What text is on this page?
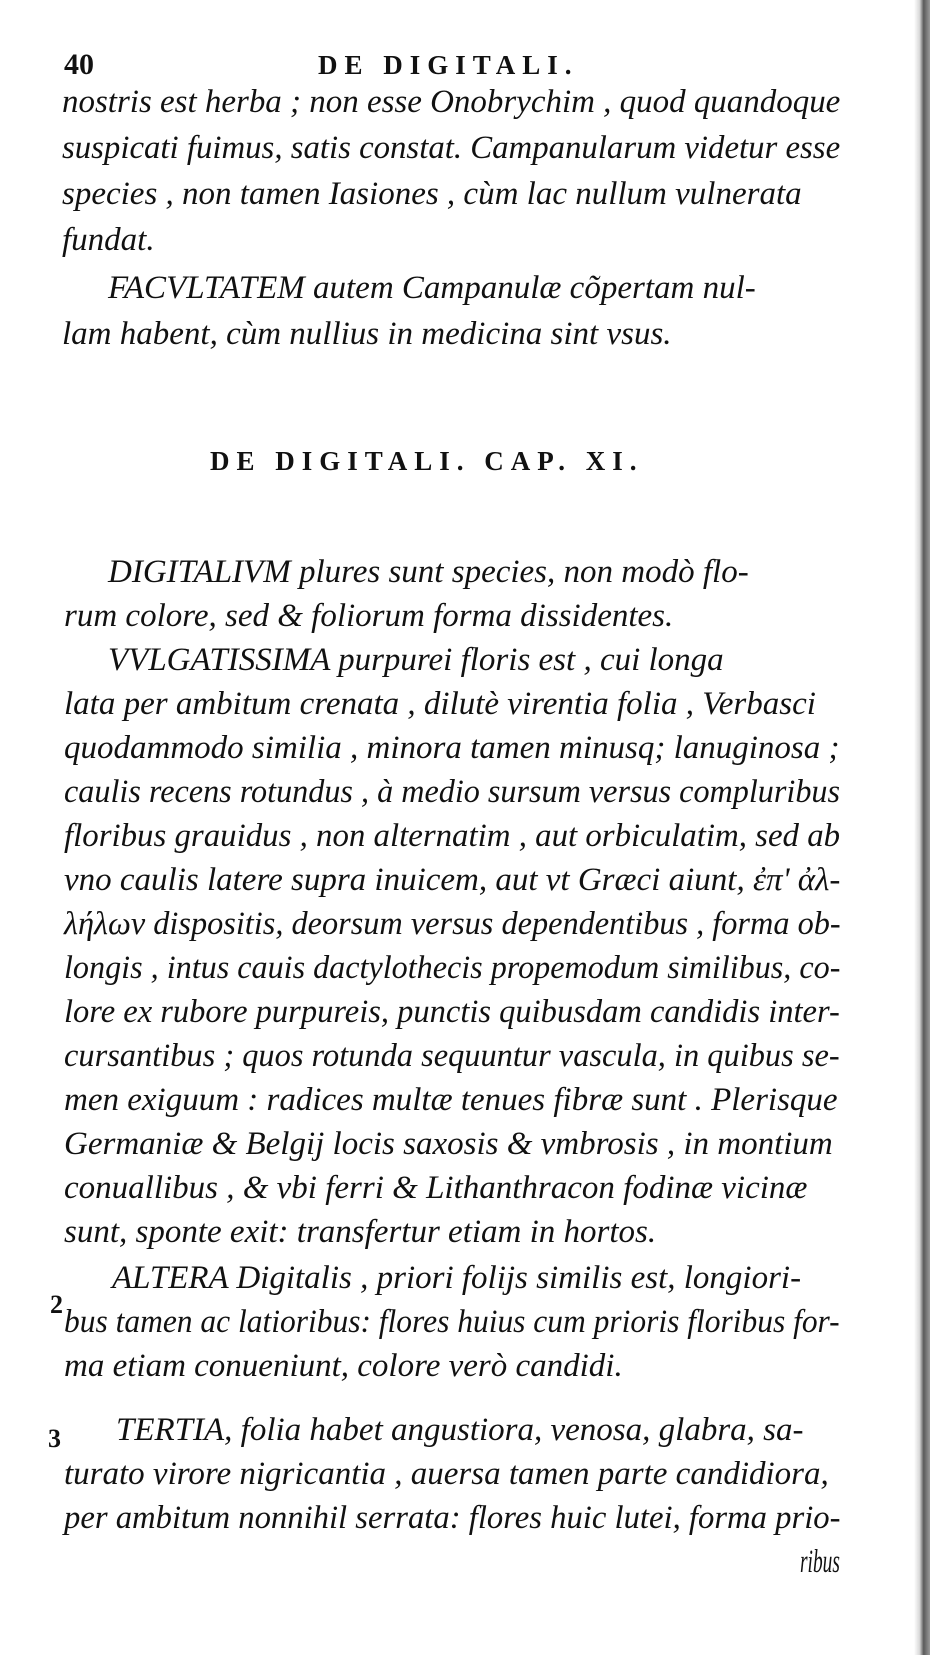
40	DE DIGITALI.
nostris est herba ; non esse Onobrychim , quod quandoque
suspicati fuimus, satis constat. Campanularum videtur esse
species , non tamen Iasiones , cùm lac nullum vulnerata
fundat.
FACVLTATEM autem Campanulæ cõpertam nul-
lam habent, cùm nullius in medicina sint vsus.
DE DIGITALI. CAP. XI.
DIGITALIVM plures sunt species, non modò flo-
rum colore, sed & foliorum forma dissidentes.
VVLGATISSIMA purpurei floris est , cui longa
lata per ambitum crenata , dilutè virentia folia , Verbasci
quodammodo similia , minora tamen minusq; lanuginosa ;
caulis recens rotundus , à medio sursum versus compluribus
floribus grauidus , non alternatim , aut orbiculatim, sed ab
vno caulis latere supra inuicem, aut vt Græci aiunt, ἐπ' ἀλ-
λήλων dispositis, deorsum versus dependentibus , forma ob-
longis , intus cauis dactylothecis propemodum similibus, co-
lore ex rubore purpureis, punctis quibusdam candidis inter-
cursantibus ; quos rotunda sequuntur vascula, in quibus se-
men exiguum : radices multæ tenues fibræ sunt . Plerisque
Germaniæ & Belgij locis saxosis & vmbrosis , in montium
conuallibus , & vbi ferri & Lithanthracon fodinæ vicinæ
sunt, sponte exit: transfertur etiam in hortos.
2
ALTERA Digitalis , priori folijs similis est, longiori-
bus tamen ac latioribus: flores huius cum prioris floribus for-
ma etiam conueniunt, colore verò candidi.
3 TERTIA, folia habet angustiora, venosa, glabra, sa-
turato virore nigricantia , auersa tamen parte candidiora,
per ambitum nonnihil serrata: flores huic lutei, forma prio-
ribus
